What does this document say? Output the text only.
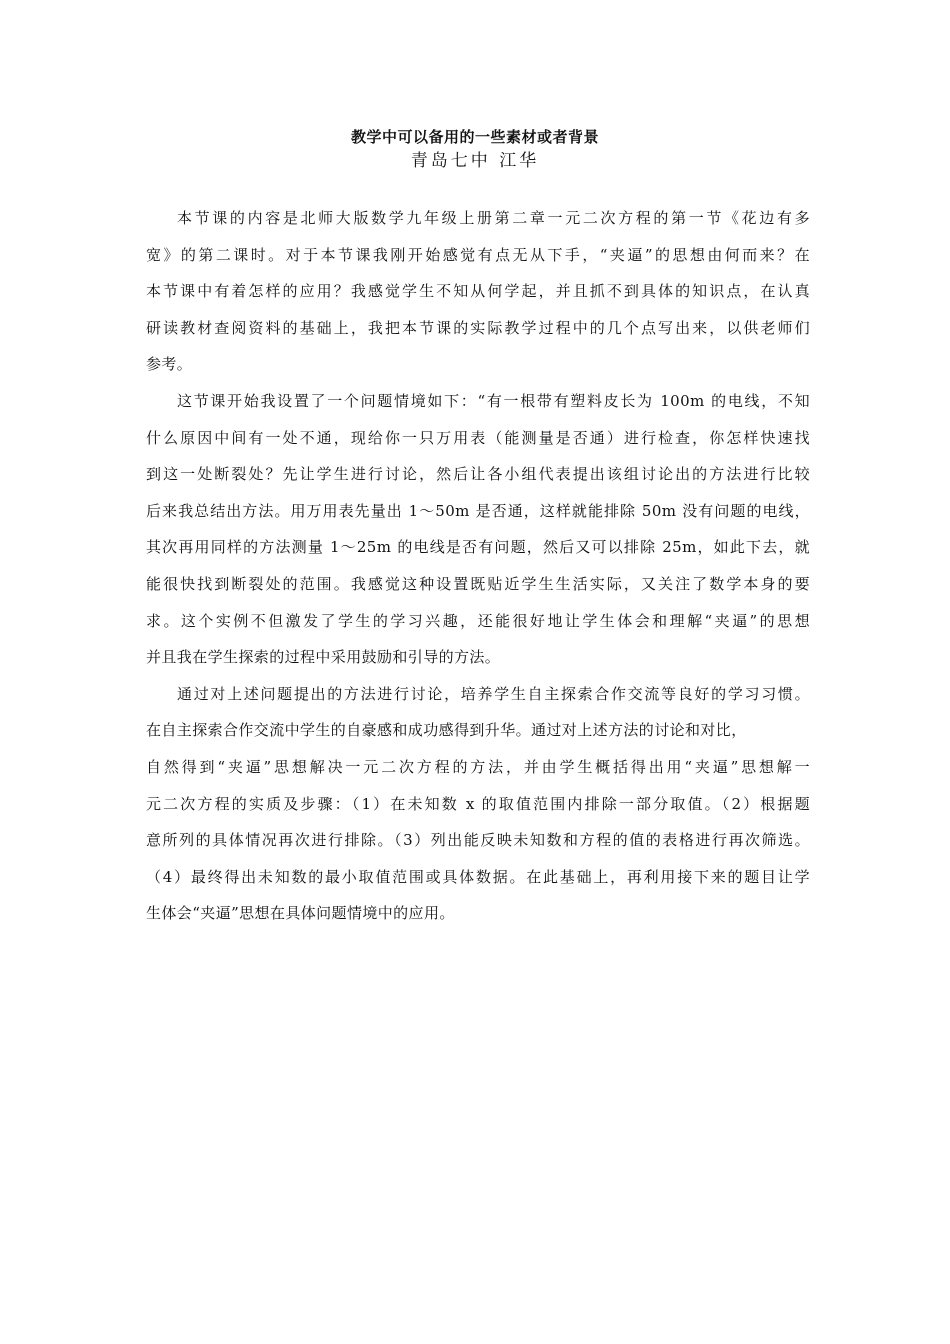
教学中可以备用的一些素材或者背景
青岛七中 江华
本节课的内容是北师大版数学九年级上册第二章一元二次方程的第一节《花边有多
宽》的第二课时。对于本节课我刚开始感觉有点无从下手，“夹逼”的思想由何而来？在
本节课中有着怎样的应用？我感觉学生不知从何学起，并且抓不到具体的知识点，在认真
研读教材查阅资料的基础上，我把本节课的实际教学过程中的几个点写出来，以供老师们
参考。
这节课开始我设置了一个问题情境如下：“有一根带有塑料皮长为 100m 的电线，不知
什么原因中间有一处不通，现给你一只万用表（能测量是否通）进行检查，你怎样快速找
到这一处断裂处？先让学生进行讨论，然后让各小组代表提出该组讨论出的方法进行比较
后来我总结出方法。用万用表先量出 1～50m 是否通，这样就能排除 50m 没有问题的电线，
其次再用同样的方法测量 1～25m 的电线是否有问题，然后又可以排除 25m，如此下去，就
能很快找到断裂处的范围。我感觉这种设置既贴近学生生活实际，又关注了数学本身的要
求。这个实例不但激发了学生的学习兴趣，还能很好地让学生体会和理解“夹逼”的思想
并且我在学生探索的过程中采用鼓励和引导的方法。
通过对上述问题提出的方法进行讨论，培养学生自主探索合作交流等良好的学习习惯。
在自主探索合作交流中学生的自豪感和成功感得到升华。通过对上述方法的讨论和对比，
自然得到“夹逼”思想解决一元二次方程的方法，并由学生概括得出用“夹逼”思想解一
元二次方程的实质及步骤：（1）在未知数 x 的取值范围内排除一部分取值。（2）根据题
意所列的具体情况再次进行排除。（3）列出能反映未知数和方程的值的表格进行再次筛选。
（4）最终得出未知数的最小取值范围或具体数据。在此基础上，再利用接下来的题目让学
生体会“夹逼”思想在具体问题情境中的应用。
